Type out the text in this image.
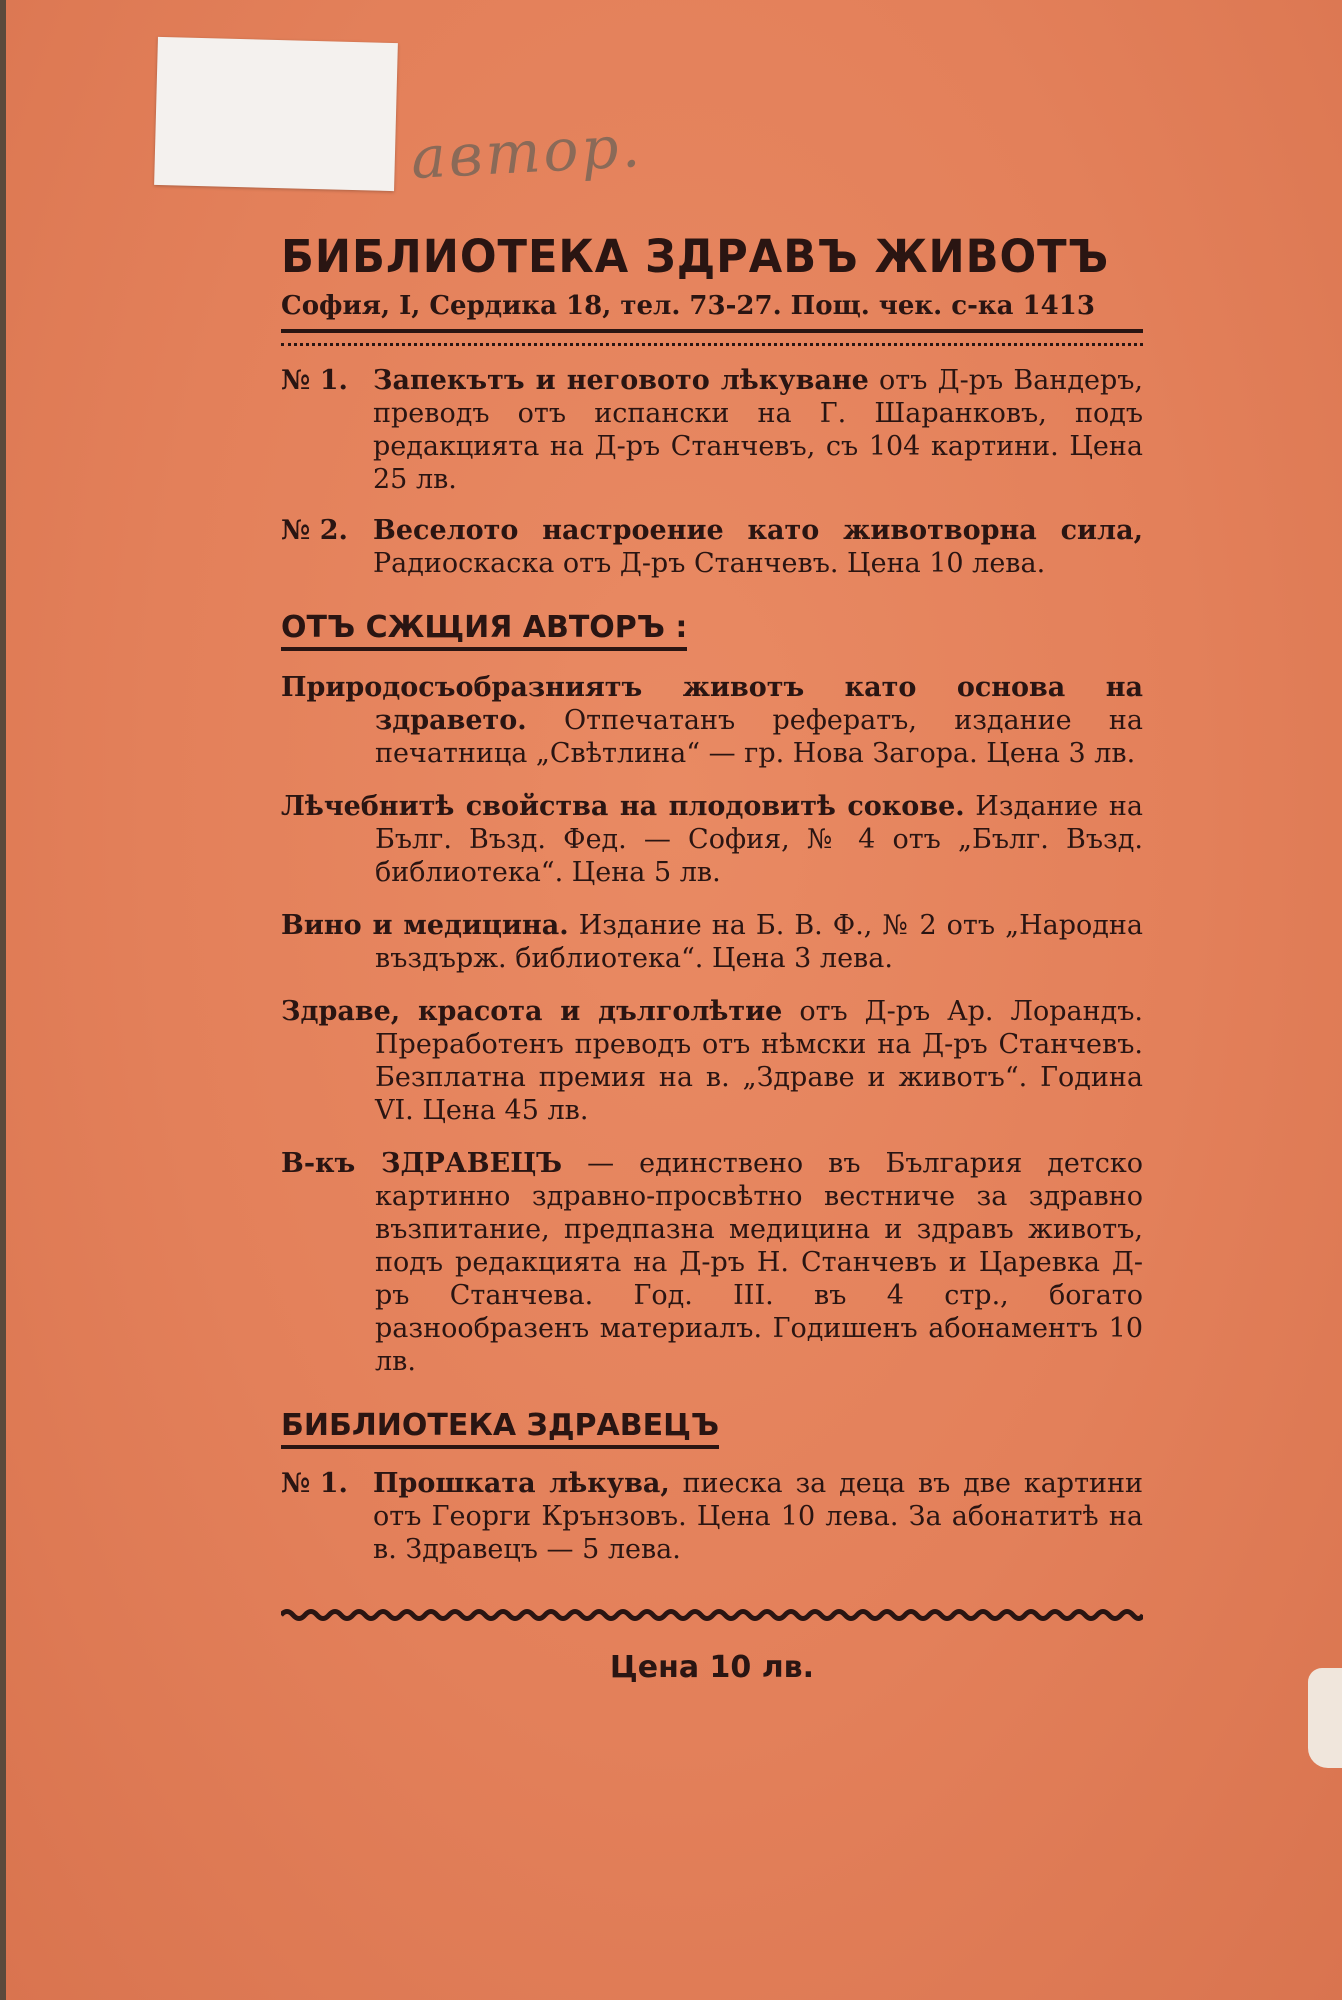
автор.
БИБЛИОТЕКА ЗДРАВЪ ЖИВОТЪ
София, I, Сердика 18, тел. 73-27. Пощ. чек. с-ка 1413
№ 1. Запекътъ и неговото лѣкуване отъ Д-ръ Вандеръ, преводъ отъ испански на Г. Шаранковъ, подъ редакцията на Д-ръ Станчевъ, съ 104 картини. Цена 25 лв.
№ 2. Веселото настроение като животворна сила, Радиоскаска отъ Д-ръ Станчевъ. Цена 10 лева.
ОТЪ СЖЩИЯ АВТОРЪ :
Природосъобразниятъ животъ като основа на здравето. Отпечатанъ рефератъ, издание на печатница „Свѣтлина“ — гр. Нова Загора. Цена 3 лв.
Лѣчебнитѣ свойства на плодовитѣ сокове. Издание на Бълг. Възд. Фед. — София, № 4 отъ „Бълг. Възд. библиотека“. Цена 5 лв.
Вино и медицина. Издание на Б. В. Ф., № 2 отъ „Народна въздърж. библиотека“. Цена 3 лева.
Здраве, красота и дълголѣтие отъ Д-ръ Ар. Лорандъ. Преработенъ преводъ отъ нѣмски на Д-ръ Станчевъ. Безплатна премия на в. „Здраве и животъ“. Година VI. Цена 45 лв.
В-къ ЗДРАВЕЦЪ — единствено въ България детско картинно здравно-просвѣтно вестниче за здравно възпитание, предпазна медицина и здравъ животъ, подъ редакцията на Д-ръ Н. Станчевъ и Царевка Д-ръ Станчева. Год. III. въ 4 стр., богато разнообразенъ материалъ. Годишенъ абонаментъ 10 лв.
БИБЛИОТЕКА ЗДРАВЕЦЪ
№ 1. Прошката лѣкува, пиеска за деца въ две картини отъ Георги Крънзовъ. Цена 10 лева. За абонатитѣ на в. Здравецъ — 5 лева.
Цена 10 лв.
